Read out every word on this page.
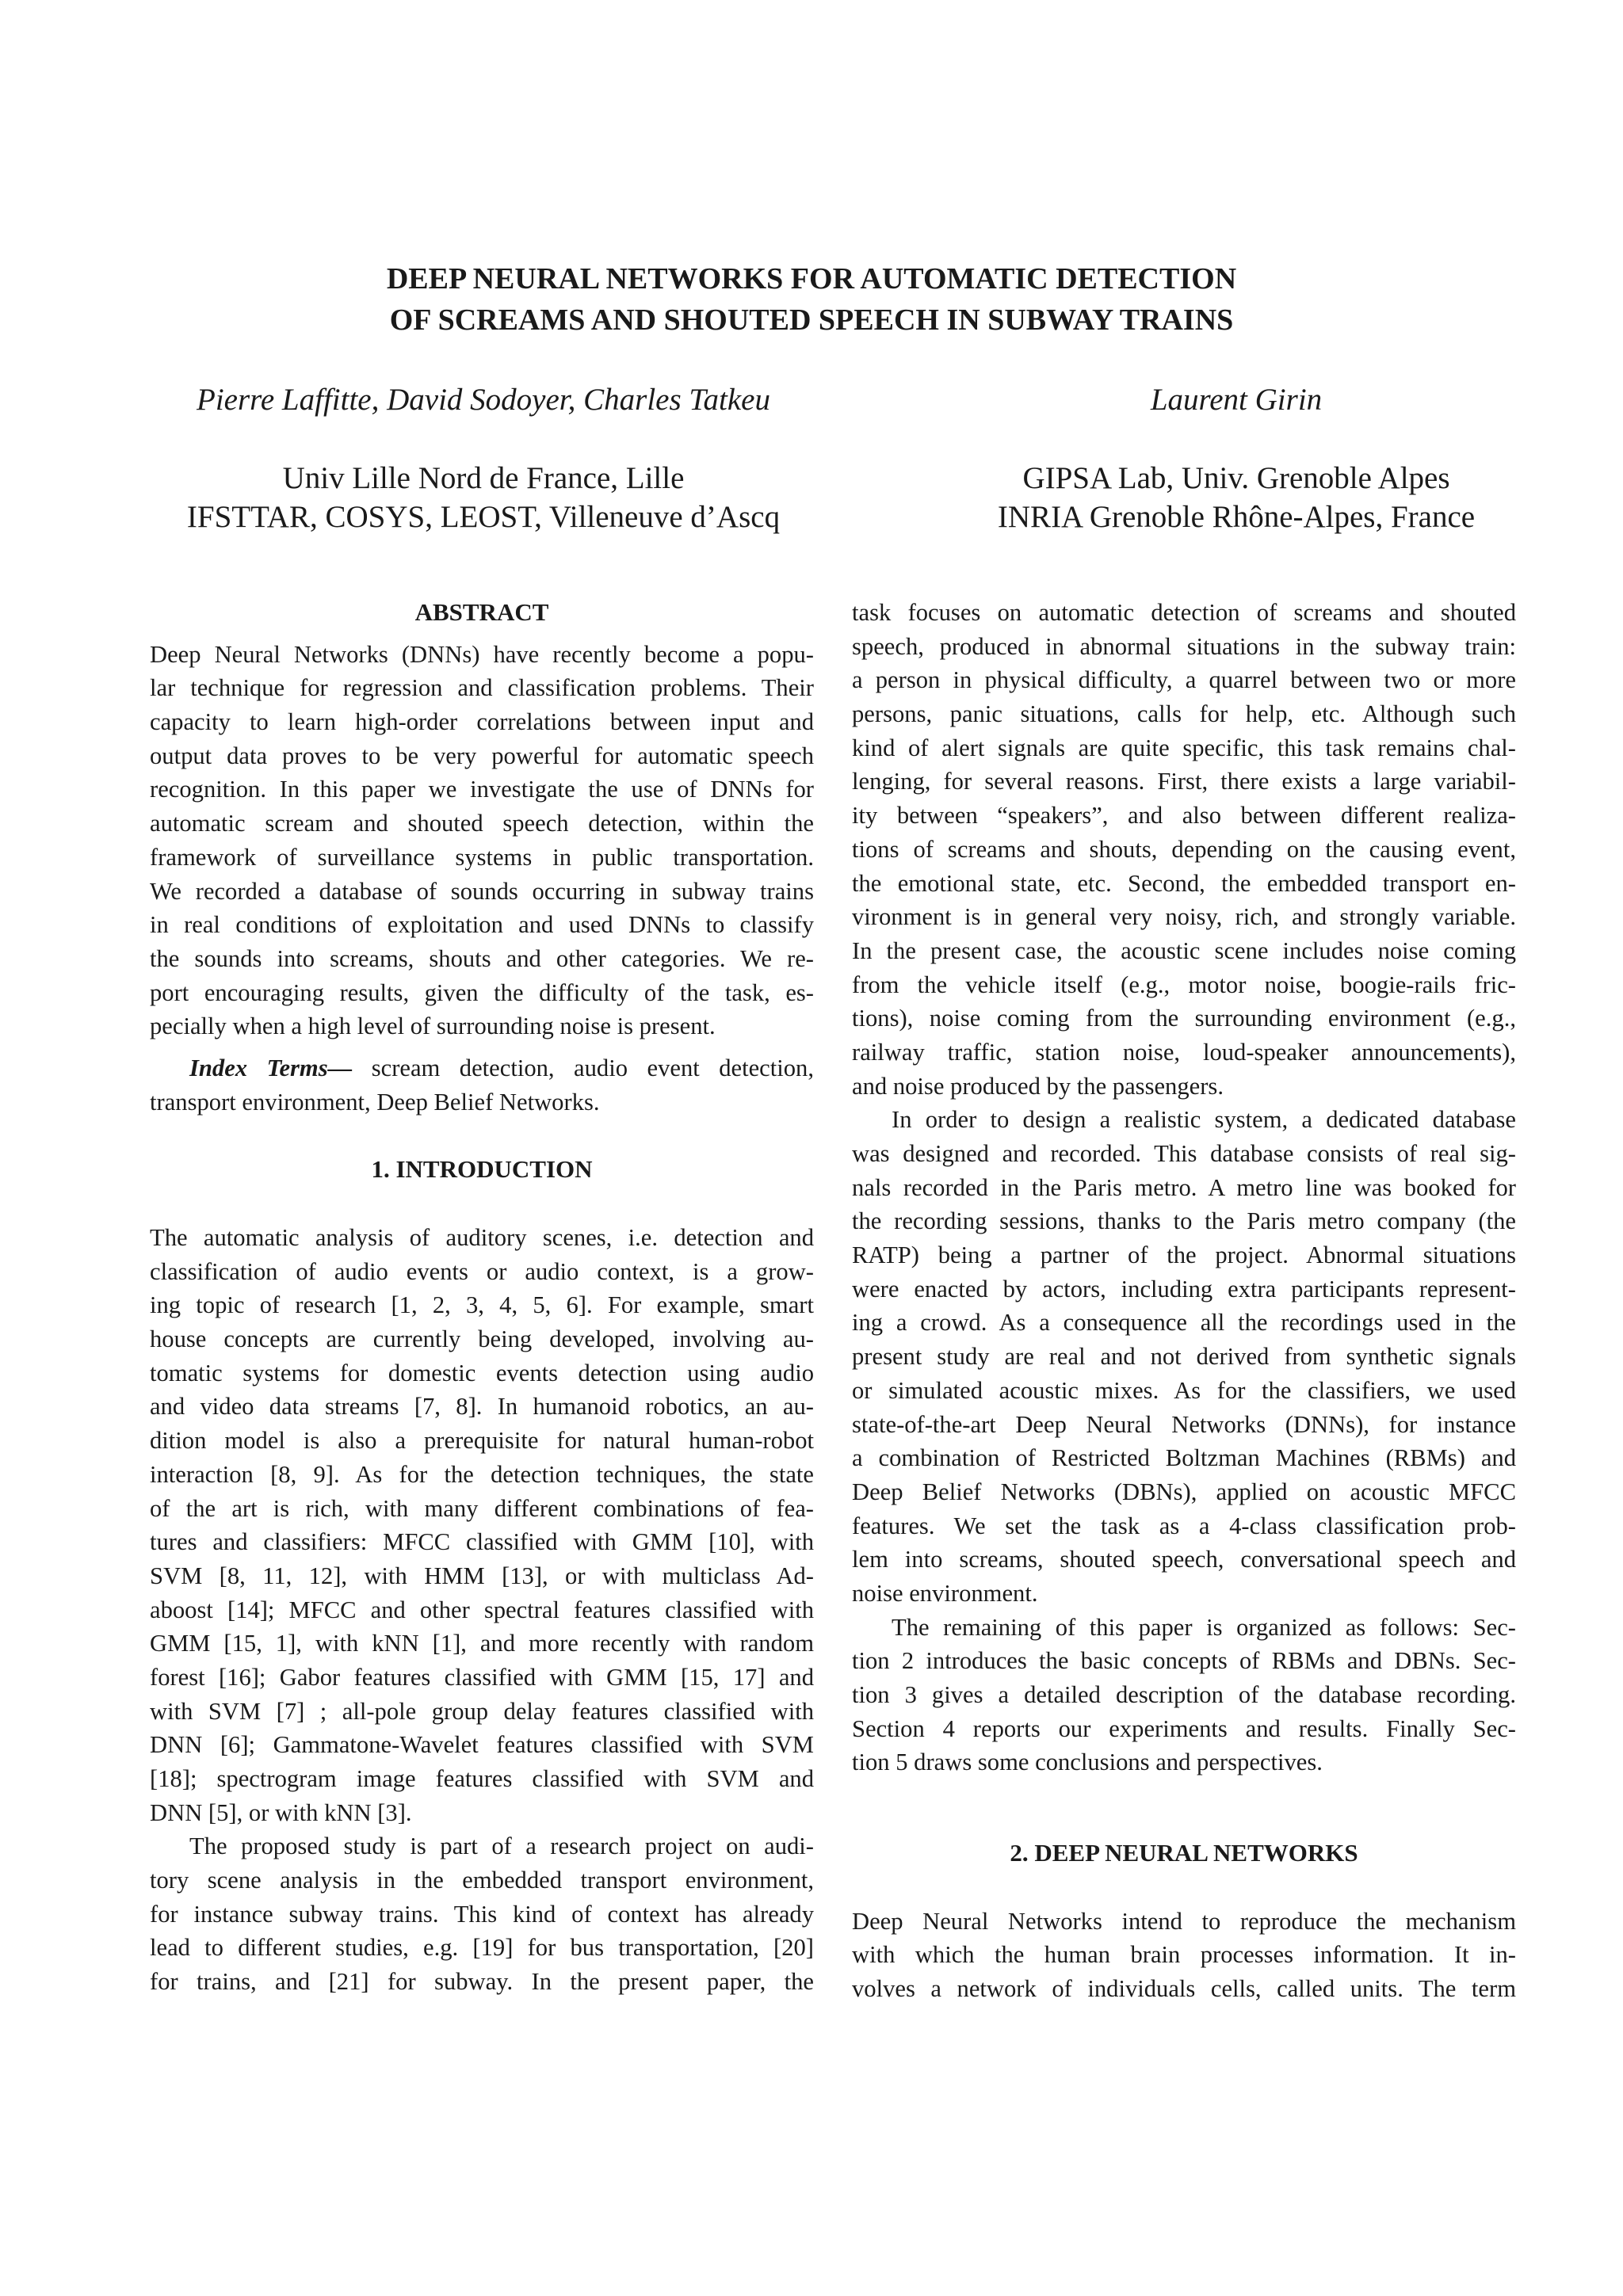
DEEP NEURAL NETWORKS FOR AUTOMATIC DETECTION
OF SCREAMS AND SHOUTED SPEECH IN SUBWAY TRAINS
Pierre Laffitte, David Sodoyer, Charles Tatkeu
Univ Lille Nord de France, Lille
IFSTTAR, COSYS, LEOST, Villeneuve d’Ascq
Laurent Girin
GIPSA Lab, Univ. Grenoble Alpes
INRIA Grenoble Rhône-Alpes, France
ABSTRACT
Deep Neural Networks (DNNs) have recently become a popu-
lar technique for regression and classification problems. Their
capacity to learn high-order correlations between input and
output data proves to be very powerful for automatic speech
recognition. In this paper we investigate the use of DNNs for
automatic scream and shouted speech detection, within the
framework of surveillance systems in public transportation.
We recorded a database of sounds occurring in subway trains
in real conditions of exploitation and used DNNs to classify
the sounds into screams, shouts and other categories. We re-
port encouraging results, given the difficulty of the task, es-
pecially when a high level of surrounding noise is present.
Index Terms— scream detection, audio event detection,
transport environment, Deep Belief Networks.
1. INTRODUCTION
The automatic analysis of auditory scenes, i.e. detection and
classification of audio events or audio context, is a grow-
ing topic of research [1, 2, 3, 4, 5, 6]. For example, smart
house concepts are currently being developed, involving au-
tomatic systems for domestic events detection using audio
and video data streams [7, 8]. In humanoid robotics, an au-
dition model is also a prerequisite for natural human-robot
interaction [8, 9]. As for the detection techniques, the state
of the art is rich, with many different combinations of fea-
tures and classifiers: MFCC classified with GMM [10], with
SVM [8, 11, 12], with HMM [13], or with multiclass Ad-
aboost [14]; MFCC and other spectral features classified with
GMM [15, 1], with kNN [1], and more recently with random
forest [16]; Gabor features classified with GMM [15, 17] and
with SVM [7] ; all-pole group delay features classified with
DNN [6]; Gammatone-Wavelet features classified with SVM
[18]; spectrogram image features classified with SVM and
DNN [5], or with kNN [3].
The proposed study is part of a research project on audi-
tory scene analysis in the embedded transport environment,
for instance subway trains. This kind of context has already
lead to different studies, e.g. [19] for bus transportation, [20]
for trains, and [21] for subway. In the present paper, the
task focuses on automatic detection of screams and shouted
speech, produced in abnormal situations in the subway train:
a person in physical difficulty, a quarrel between two or more
persons, panic situations, calls for help, etc. Although such
kind of alert signals are quite specific, this task remains chal-
lenging, for several reasons. First, there exists a large variabil-
ity between “speakers”, and also between different realiza-
tions of screams and shouts, depending on the causing event,
the emotional state, etc. Second, the embedded transport en-
vironment is in general very noisy, rich, and strongly variable.
In the present case, the acoustic scene includes noise coming
from the vehicle itself (e.g., motor noise, boogie-rails fric-
tions), noise coming from the surrounding environment (e.g.,
railway traffic, station noise, loud-speaker announcements),
and noise produced by the passengers.
In order to design a realistic system, a dedicated database
was designed and recorded. This database consists of real sig-
nals recorded in the Paris metro. A metro line was booked for
the recording sessions, thanks to the Paris metro company (the
RATP) being a partner of the project. Abnormal situations
were enacted by actors, including extra participants represent-
ing a crowd. As a consequence all the recordings used in the
present study are real and not derived from synthetic signals
or simulated acoustic mixes. As for the classifiers, we used
state-of-the-art Deep Neural Networks (DNNs), for instance
a combination of Restricted Boltzman Machines (RBMs) and
Deep Belief Networks (DBNs), applied on acoustic MFCC
features. We set the task as a 4-class classification prob-
lem into screams, shouted speech, conversational speech and
noise environment.
The remaining of this paper is organized as follows: Sec-
tion 2 introduces the basic concepts of RBMs and DBNs. Sec-
tion 3 gives a detailed description of the database recording.
Section 4 reports our experiments and results. Finally Sec-
tion 5 draws some conclusions and perspectives.
2. DEEP NEURAL NETWORKS
Deep Neural Networks intend to reproduce the mechanism
with which the human brain processes information. It in-
volves a network of individuals cells, called units. The term
